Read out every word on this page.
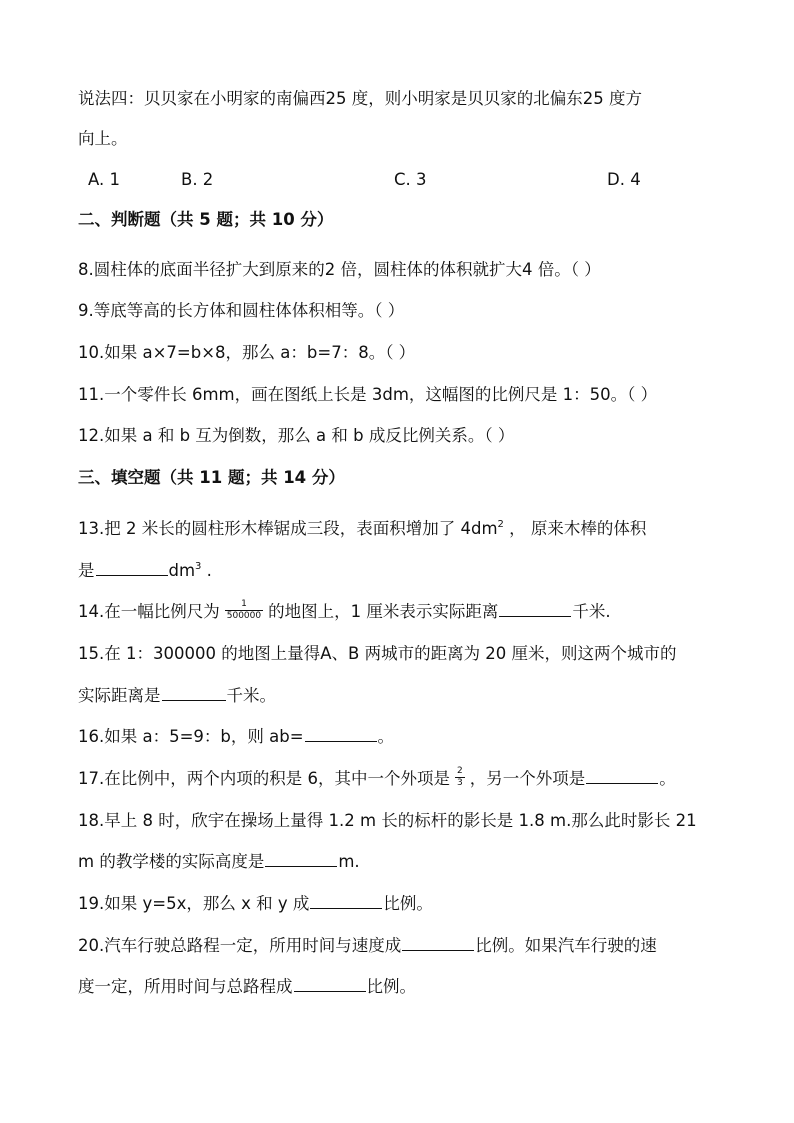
说法四：贝贝家在小明家的南偏西25 度，则小明家是贝贝家的北偏东25 度方
向上。
A. 1	B. 2	C. 3	D. 4
二、判断题（共 5 题；共 10 分）
8.圆柱体的底面半径扩大到原来的2 倍，圆柱体的体积就扩大4 倍。（ ）
9.等底等高的长方体和圆柱体体积相等。（ ）
10.如果 a×7=b×8，那么 a：b=7：8。（ ）
11.一个零件长 6mm，画在图纸上长是 3dm，这幅图的比例尺是 1：50。（ ）
12.如果 a 和 b 互为倒数，那么 a 和 b 成反比例关系。（ ）
三、填空题（共 11 题；共 14 分）
13.把 2 米长的圆柱形木棒锯成三段，表面积增加了 $4dm^2$ ， 原来木棒的体积
是	$dm^3$ .
14.在一幅比例尺为 $\frac{1}{500000}$ 的地图上，1 厘米表示实际距离	千米.
15.在 1：300000 的地图上量得A、B 两城市的距离为 20 厘米，则这两个城市的
实际距离是	千米。
16.如果 a：5=9：b，则 ab=	。
17.在比例中，两个内项的积是 6，其中一个外项是 $\frac{2}{3}$ ，另一个外项是	。
18.早上 8 时，欣宇在操场上量得 1.2 m 长的标杆的影长是 1.8 m.那么此时影长 21
m 的教学楼的实际高度是	m.
19.如果 y=5x，那么 x 和 y 成	比例。
20.汽车行驶总路程一定，所用时间与速度成	比例。如果汽车行驶的速
度一定，所用时间与总路程成	比例。
